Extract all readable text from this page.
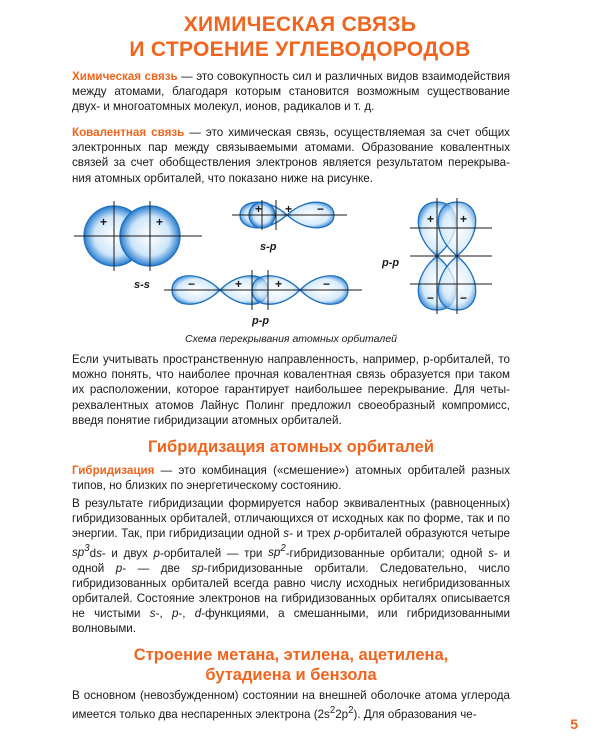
ХИМИЧЕСКАЯ СВЯЗЬ
И СТРОЕНИЕ УГЛЕВОДОРОДОВ
Химическая связь — это совокупность сил и различных видов взаимодействия между атомами, благодаря которым становится возможным существование двух- и многоатомных молекул, ионов, радикалов и т. д.
Ковалентная связь — это химическая связь, осуществляемая за счет общих электронных пар между связываемыми атомами. Образование ковалентных связей за счет обобществления электронов является результатом перекрывания атомных орбиталей, что показано ниже на рисунке.
+	+
s-s
+ + −
s-p
−	+	+	−
p-p
+ +
− −
p-p
Схема перекрывания атомных орбиталей
Если учитывать пространственную направленность, например, p-орбиталей, то можно понять, что наиболее прочная ковалентная связь образуется при таком их расположении, которое гарантирует наибольшее перекрывание. Для четырехвалентных атомов Лайнус Полинг предложил своеобразный компромисс, введя понятие гибридизации атомных орбиталей.
Гибридизация атомных орбиталей
Гибридизация — это комбинация («смешение») атомных орбиталей разных типов, но близких по энергетическому состоянию.
В результате гибридизации формируется набор эквивалентных (равноценных) гибридизованных орбиталей, отличающихся от исходных как по форме, так и по энергии. Так, при гибридизации одной s- и трех p-орбиталей образуются четыре $sp^3ds-$ и двух p-орбиталей — три $sp^2$-гибридизованные орбитали; одной s- и одной p- — две sp-гибридизованные орбитали. Следовательно, число гибридизованных орбиталей всегда равно числу исходных негибридизованных орбиталей. Состояние электронов на гибридизованных орбиталях описывается не чистыми s-, p-, d-функциями, а смешанными, или гибридизованными волновыми.
Строение метана, этилена, ацетилена,
бутадиена и бензола
В основном (невозбужденном) состоянии на внешней оболочке атома углерода имеется только два неспаренных электрона $(2s^22p^2)$. Для образования че-
5
